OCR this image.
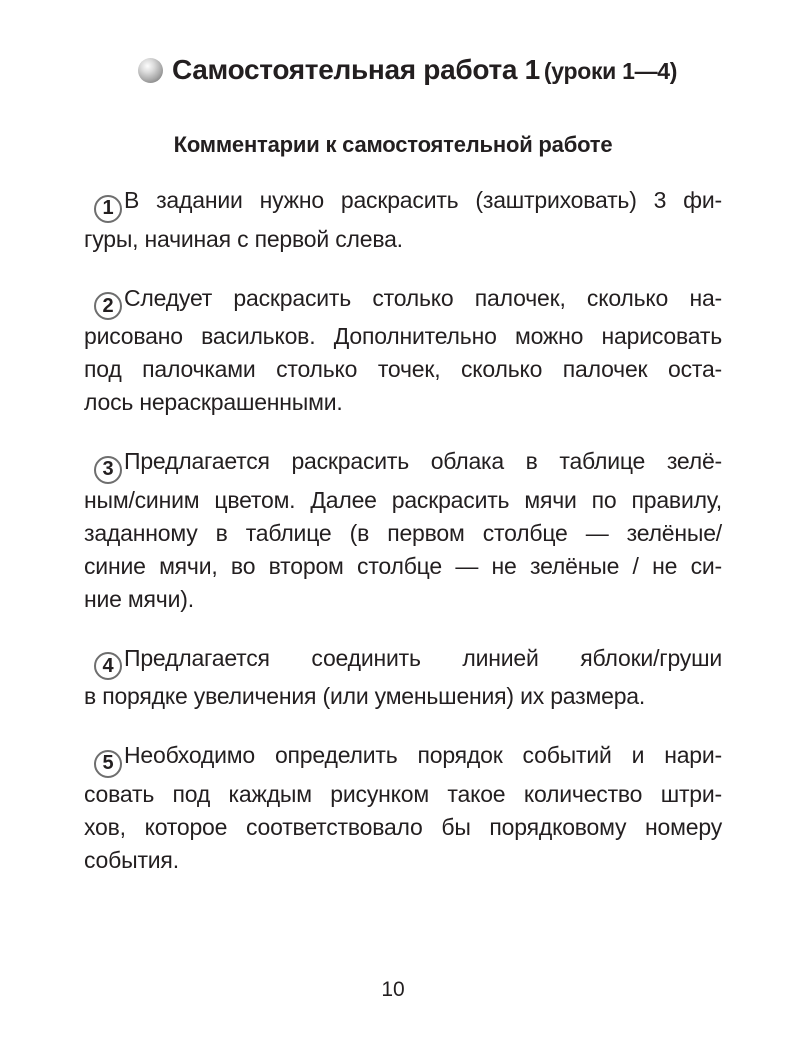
Самостоятельная работа 1 (уроки 1—4)
Комментарии к самостоятельной работе
1 В задании нужно раскрасить (заштриховать) 3 фи-
гуры, начиная с первой слева.
2 Следует раскрасить столько палочек, сколько на-
рисовано васильков. Дополнительно можно нарисовать
под палочками столько точек, сколько палочек оста-
лось нераскрашенными.
3 Предлагается раскрасить облака в таблице зелё-
ным/синим цветом. Далее раскрасить мячи по правилу,
заданному в таблице (в первом столбце — зелёные/
синие мячи, во втором столбце — не зелёные / не си-
ние мячи).
4 Предлагается соединить линией яблоки/груши
в порядке увеличения (или уменьшения) их размера.
5 Необходимо определить порядок событий и нари-
совать под каждым рисунком такое количество штри-
хов, которое соответствовало бы порядковому номеру
события.
10
